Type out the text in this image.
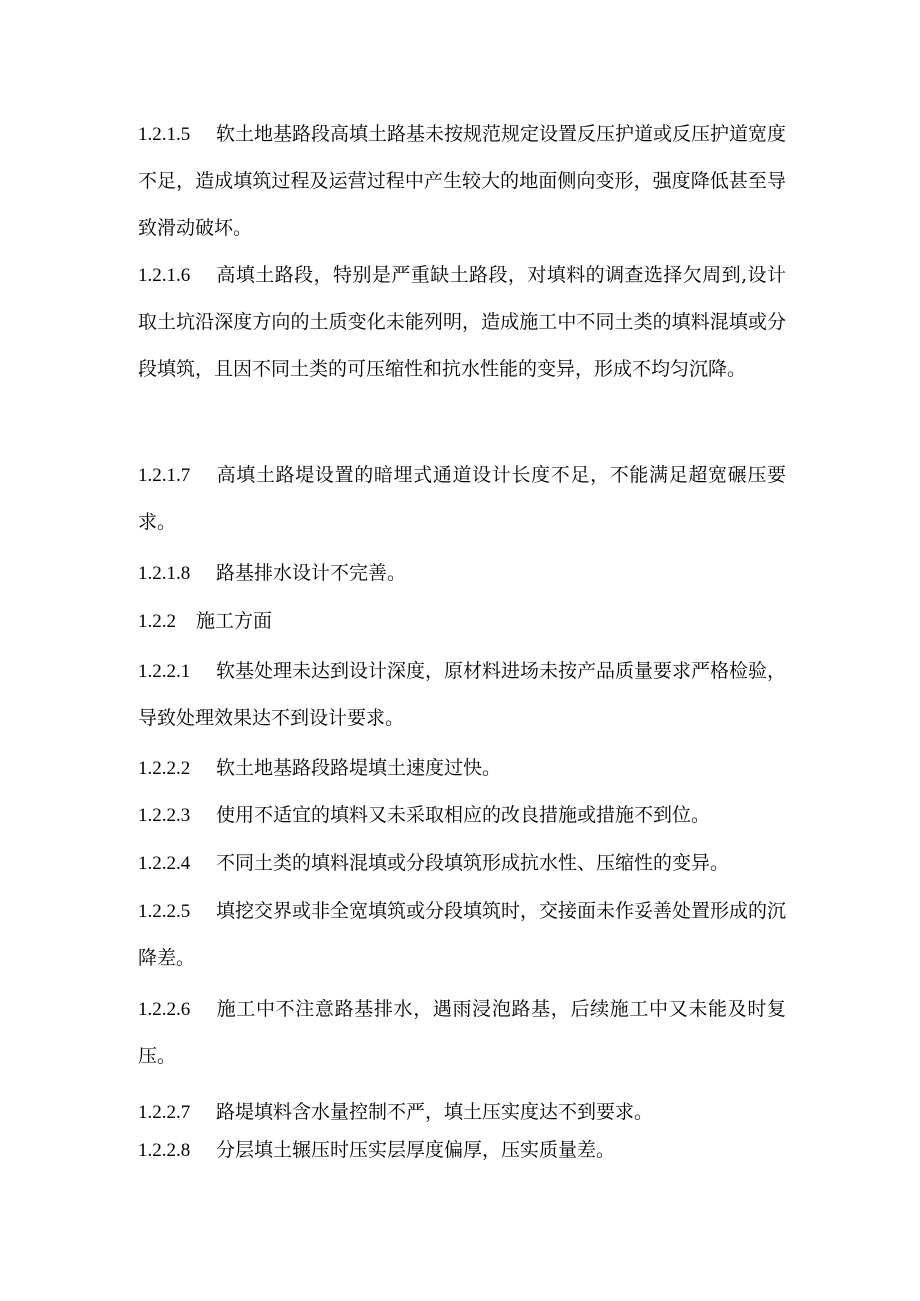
1.2.1.5 软土地基路段高填土路基未按规范规定设置反压护道或反压护道宽度不足，造成填筑过程及运营过程中产生较大的地面侧向变形，强度降低甚至导致滑动破坏。

1.2.1.6 高填土路段，特别是严重缺土路段，对填料的调查选择欠周到,设计取土坑沿深度方向的土质变化未能列明，造成施工中不同土类的填料混填或分段填筑，且因不同土类的可压缩性和抗水性能的变异，形成不均匀沉降。

1.2.1.7 高填土路堤设置的暗埋式通道设计长度不足，不能满足超宽碾压要求。

1.2.1.8 路基排水设计不完善。

1.2.2 施工方面

1.2.2.1 软基处理未达到设计深度，原材料进场未按产品质量要求严格检验，导致处理效果达不到设计要求。

1.2.2.2 软土地基路段路堤填土速度过快。

1.2.2.3 使用不适宜的填料又未采取相应的改良措施或措施不到位。

1.2.2.4 不同土类的填料混填或分段填筑形成抗水性、压缩性的变异。

1.2.2.5 填挖交界或非全宽填筑或分段填筑时，交接面未作妥善处置形成的沉降差。

1.2.2.6 施工中不注意路基排水，遇雨浸泡路基，后续施工中又未能及时复压。

1.2.2.7 路堤填料含水量控制不严，填土压实度达不到要求。

1.2.2.8 分层填土辗压时压实层厚度偏厚，压实质量差。
